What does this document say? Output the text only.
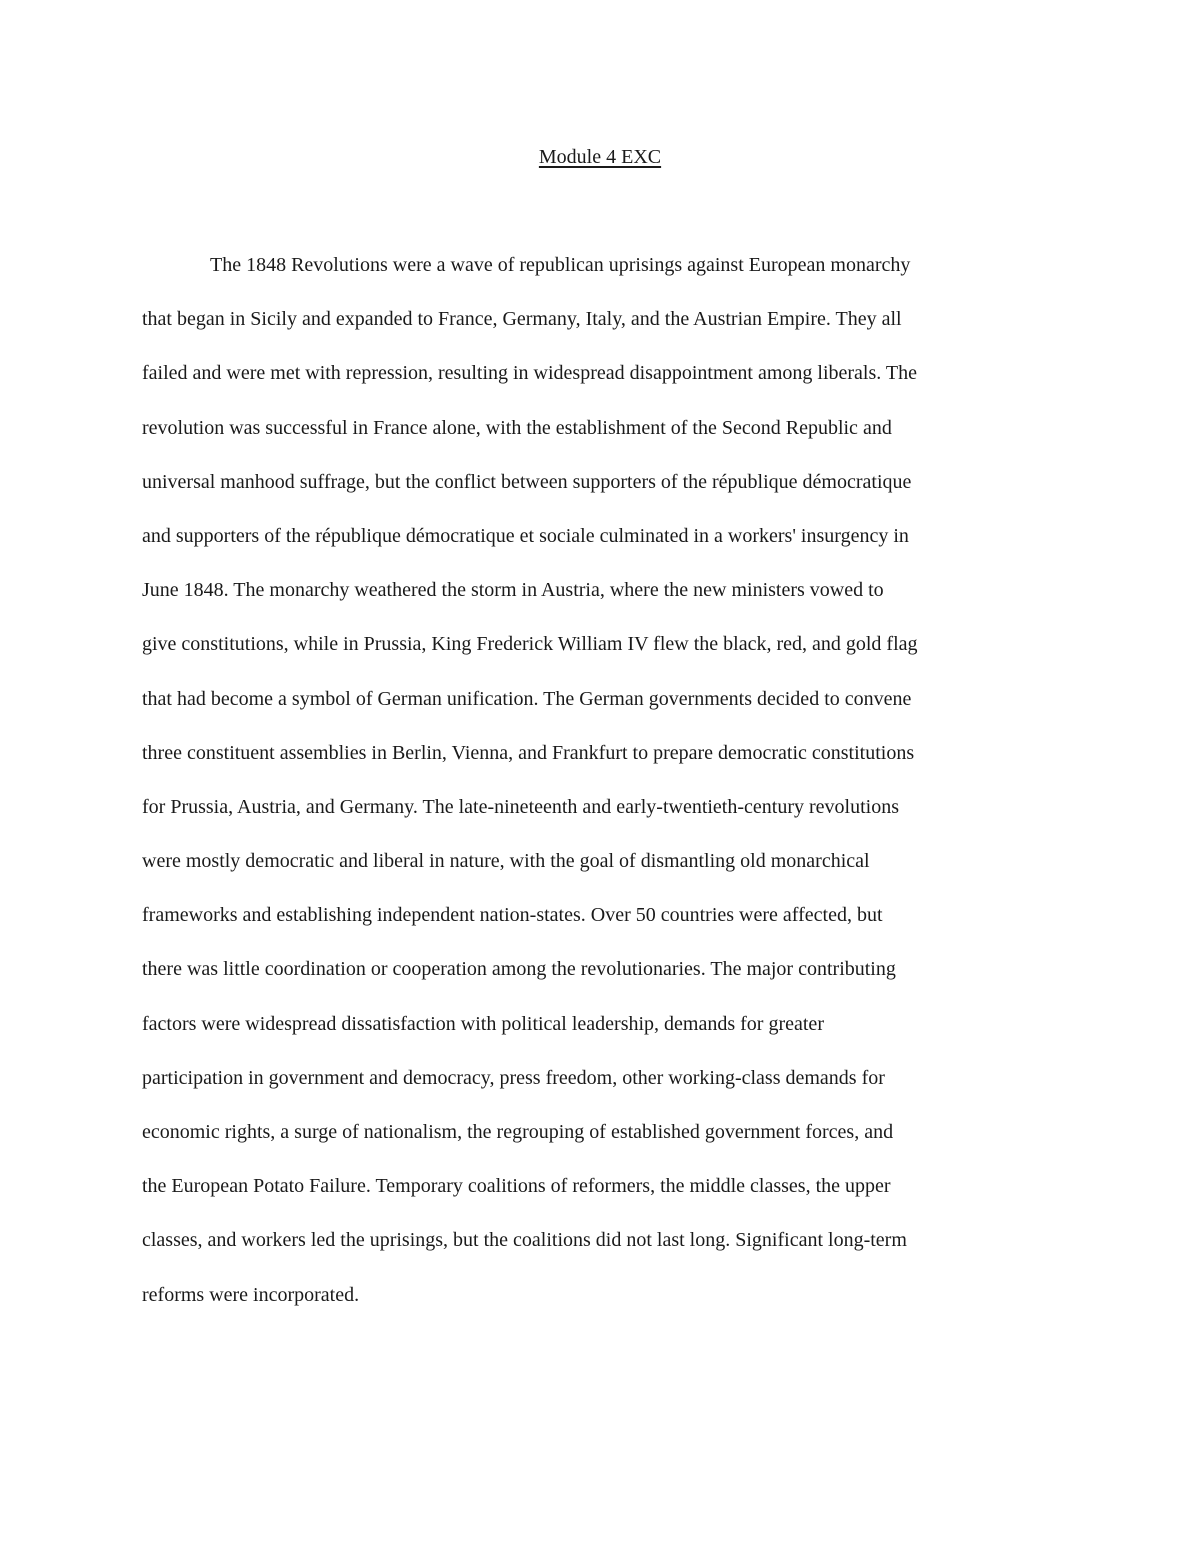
Module 4 EXC
The 1848 Revolutions were a wave of republican uprisings against European monarchy
that began in Sicily and expanded to France, Germany, Italy, and the Austrian Empire. They all
failed and were met with repression, resulting in widespread disappointment among liberals. The
revolution was successful in France alone, with the establishment of the Second Republic and
universal manhood suffrage, but the conflict between supporters of the république démocratique
and supporters of the république démocratique et sociale culminated in a workers' insurgency in
June 1848. The monarchy weathered the storm in Austria, where the new ministers vowed to
give constitutions, while in Prussia, King Frederick William IV flew the black, red, and gold flag
that had become a symbol of German unification. The German governments decided to convene
three constituent assemblies in Berlin, Vienna, and Frankfurt to prepare democratic constitutions
for Prussia, Austria, and Germany. The late-nineteenth and early-twentieth-century revolutions
were mostly democratic and liberal in nature, with the goal of dismantling old monarchical
frameworks and establishing independent nation-states. Over 50 countries were affected, but
there was little coordination or cooperation among the revolutionaries. The major contributing
factors were widespread dissatisfaction with political leadership, demands for greater
participation in government and democracy, press freedom, other working-class demands for
economic rights, a surge of nationalism, the regrouping of established government forces, and
the European Potato Failure. Temporary coalitions of reformers, the middle classes, the upper
classes, and workers led the uprisings, but the coalitions did not last long. Significant long-term
reforms were incorporated.
